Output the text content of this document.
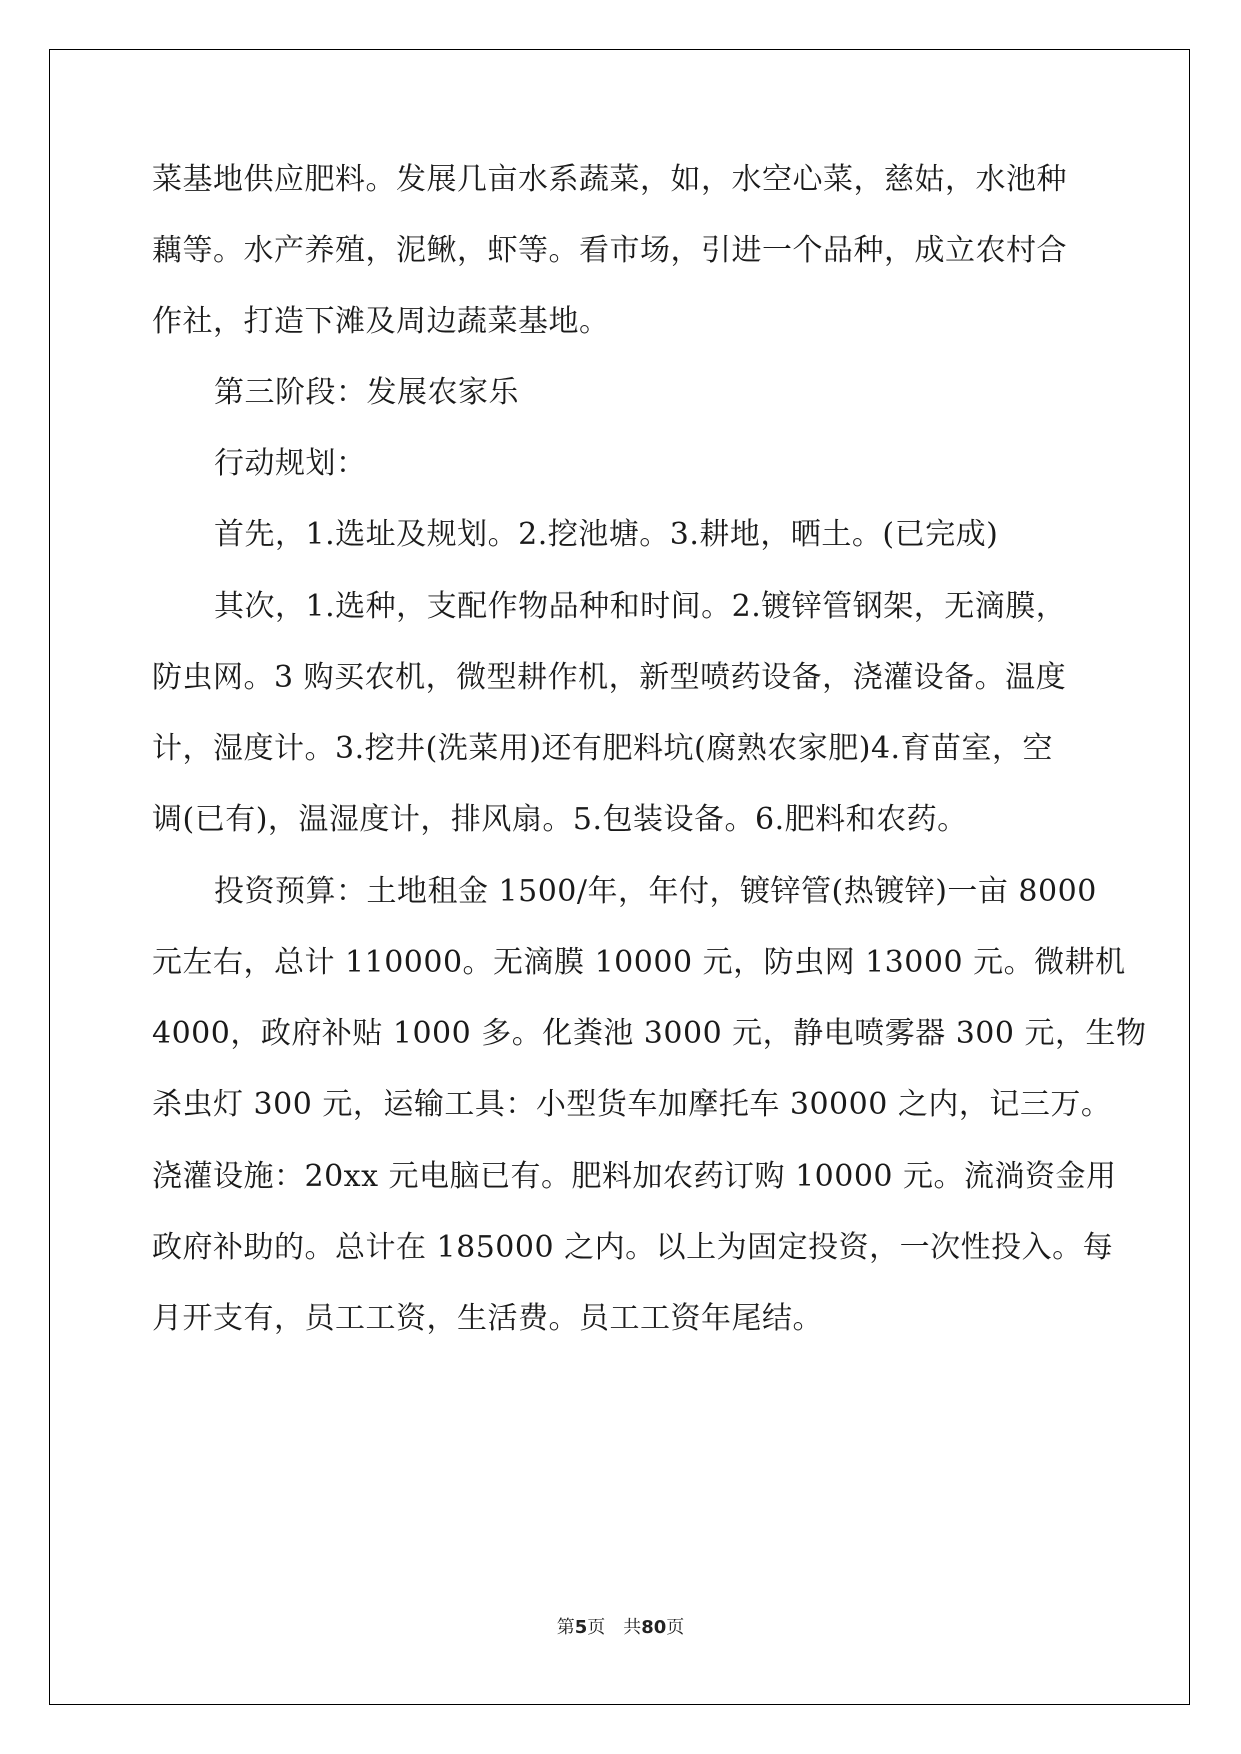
菜基地供应肥料。发展几亩水系蔬菜，如，水空心菜，慈姑，水池种
藕等。水产养殖，泥鳅，虾等。看市场，引进一个品种，成立农村合
作社，打造下滩及周边蔬菜基地。
第三阶段：发展农家乐
行动规划：
首先，1.选址及规划。2.挖池塘。3.耕地，晒土。(已完成)
其次，1.选种，支配作物品种和时间。2.镀锌管钢架，无滴膜，
防虫网。3 购买农机，微型耕作机，新型喷药设备，浇灌设备。温度
计，湿度计。3.挖井(洗菜用)还有肥料坑(腐熟农家肥)4.育苗室，空
调(已有)，温湿度计，排风扇。5.包装设备。6.肥料和农药。
投资预算：土地租金 1500/年，年付，镀锌管(热镀锌)一亩 8000
元左右，总计 110000。无滴膜 10000 元，防虫网 13000 元。微耕机
4000，政府补贴 1000 多。化粪池 3000 元，静电喷雾器 300 元，生物
杀虫灯 300 元，运输工具：小型货车加摩托车 30000 之内，记三万。
浇灌设施：20xx 元电脑已有。肥料加农药订购 10000 元。流淌资金用
政府补助的。总计在 185000 之内。以上为固定投资，一次性投入。每
月开支有，员工工资，生活费。员工工资年尾结。
第5页　共80页
